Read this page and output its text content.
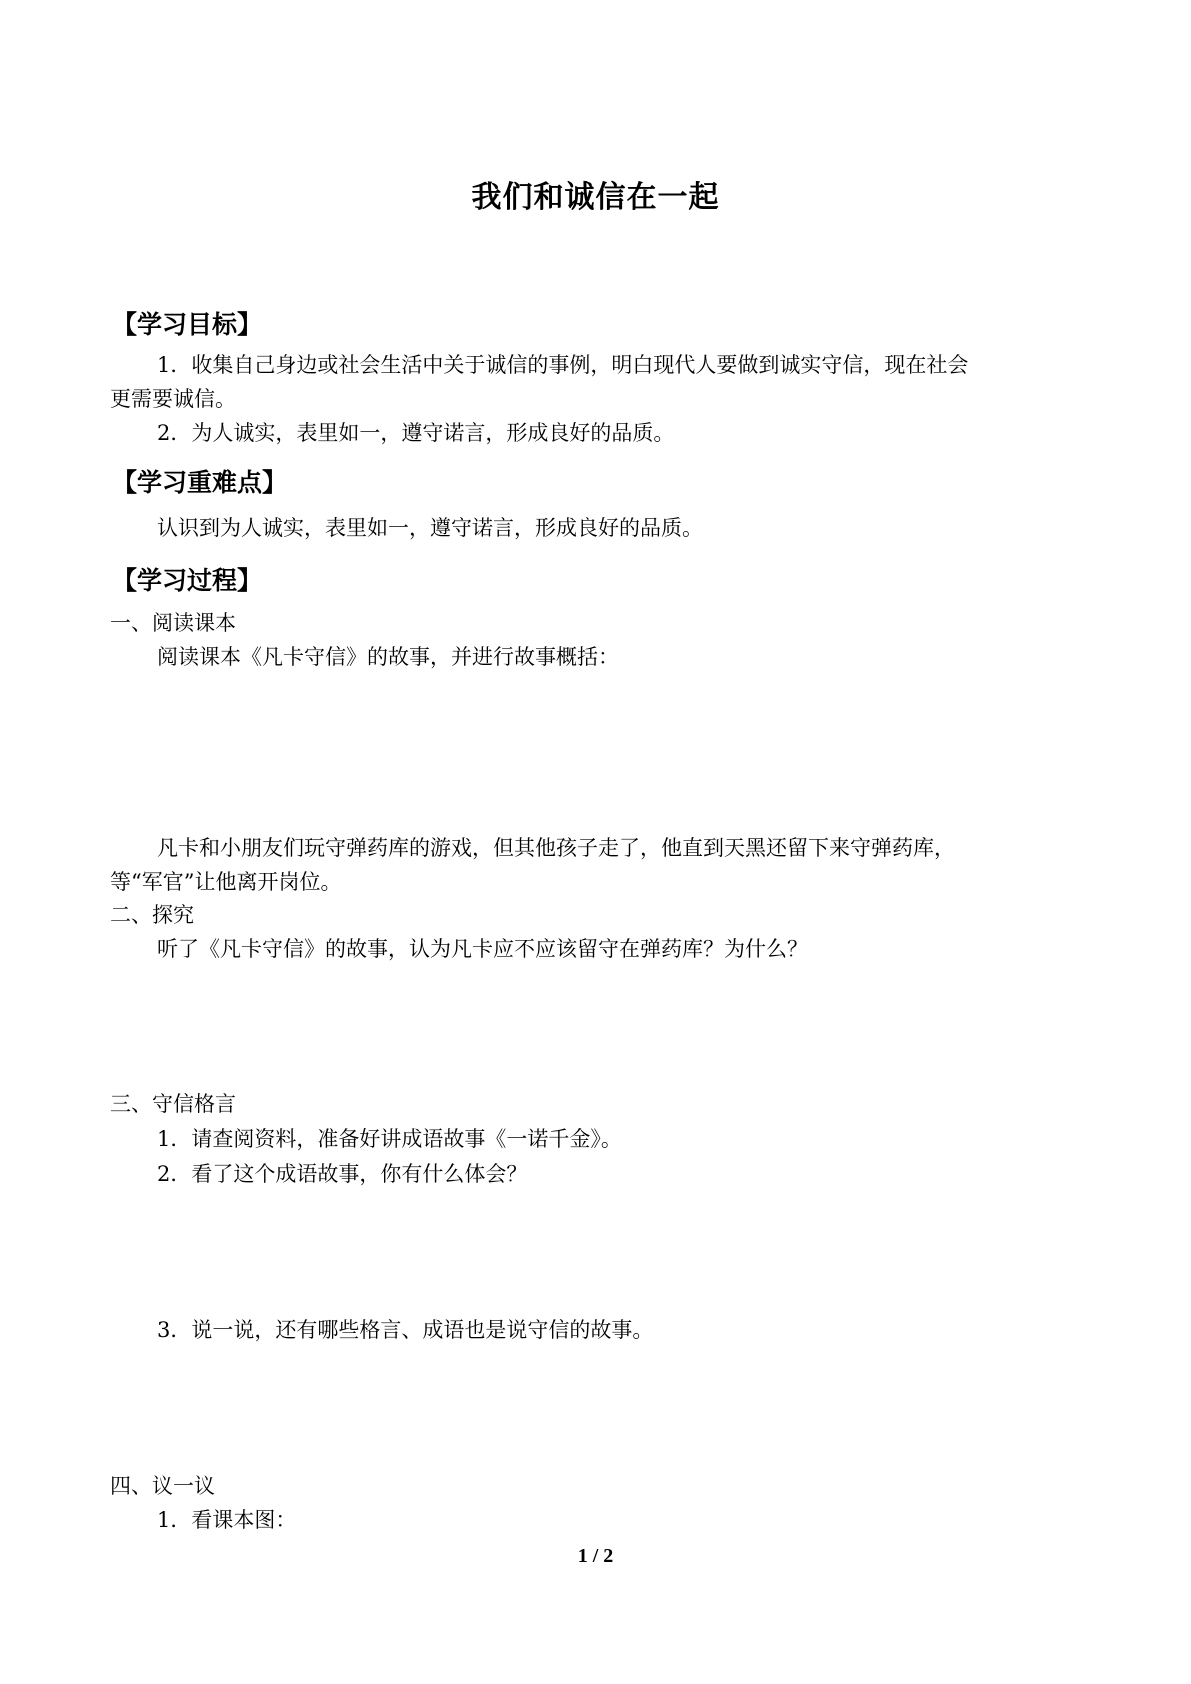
我们和诚信在一起
【学习目标】
1．收集自己身边或社会生活中关于诚信的事例，明白现代人要做到诚实守信，现在社会
更需要诚信。
2．为人诚实，表里如一，遵守诺言，形成良好的品质。
【学习重难点】
认识到为人诚实，表里如一，遵守诺言，形成良好的品质。
【学习过程】
一、阅读课本
阅读课本《凡卡守信》的故事，并进行故事概括：
凡卡和小朋友们玩守弹药库的游戏，但其他孩子走了，他直到天黑还留下来守弹药库，
等“军官”让他离开岗位。
二、探究
听了《凡卡守信》的故事，认为凡卡应不应该留守在弹药库？为什么？
三、守信格言
1．请查阅资料，准备好讲成语故事《一诺千金》。
2．看了这个成语故事，你有什么体会？
3．说一说，还有哪些格言、成语也是说守信的故事。
四、议一议
1．看课本图：
1 / 2
